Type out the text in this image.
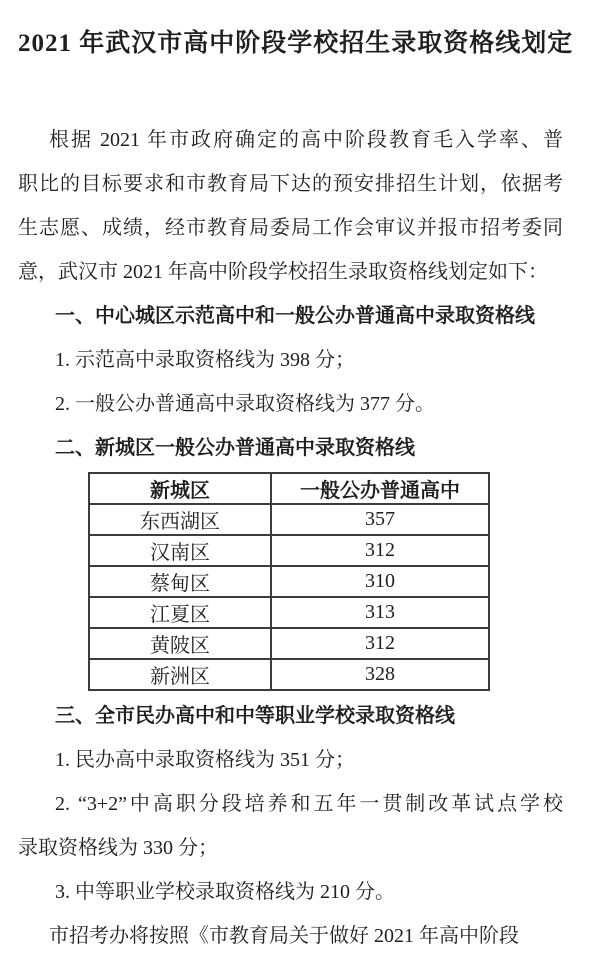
2021 年武汉市高中阶段学校招生录取资格线划定
根据 2021 年市政府确定的高中阶段教育毛入学率、普
职比的目标要求和市教育局下达的预安排招生计划，依据考
生志愿、成绩，经市教育局委局工作会审议并报市招考委同
意，武汉市 2021 年高中阶段学校招生录取资格线划定如下：
一、中心城区示范高中和一般公办普通高中录取资格线
1. 示范高中录取资格线为 398 分；
2. 一般公办普通高中录取资格线为 377 分。
二、新城区一般公办普通高中录取资格线
新城区	一般公办普通高中
东西湖区	357
汉南区	312
蔡甸区	310
江夏区	313
黄陂区	312
新洲区	328
三、全市民办高中和中等职业学校录取资格线
1. 民办高中录取资格线为 351 分；
2. “3+2”中高职分段培养和五年一贯制改革试点学校
录取资格线为 330 分；
3. 中等职业学校录取资格线为 210 分。
市招考办将按照《市教育局关于做好 2021 年高中阶段
